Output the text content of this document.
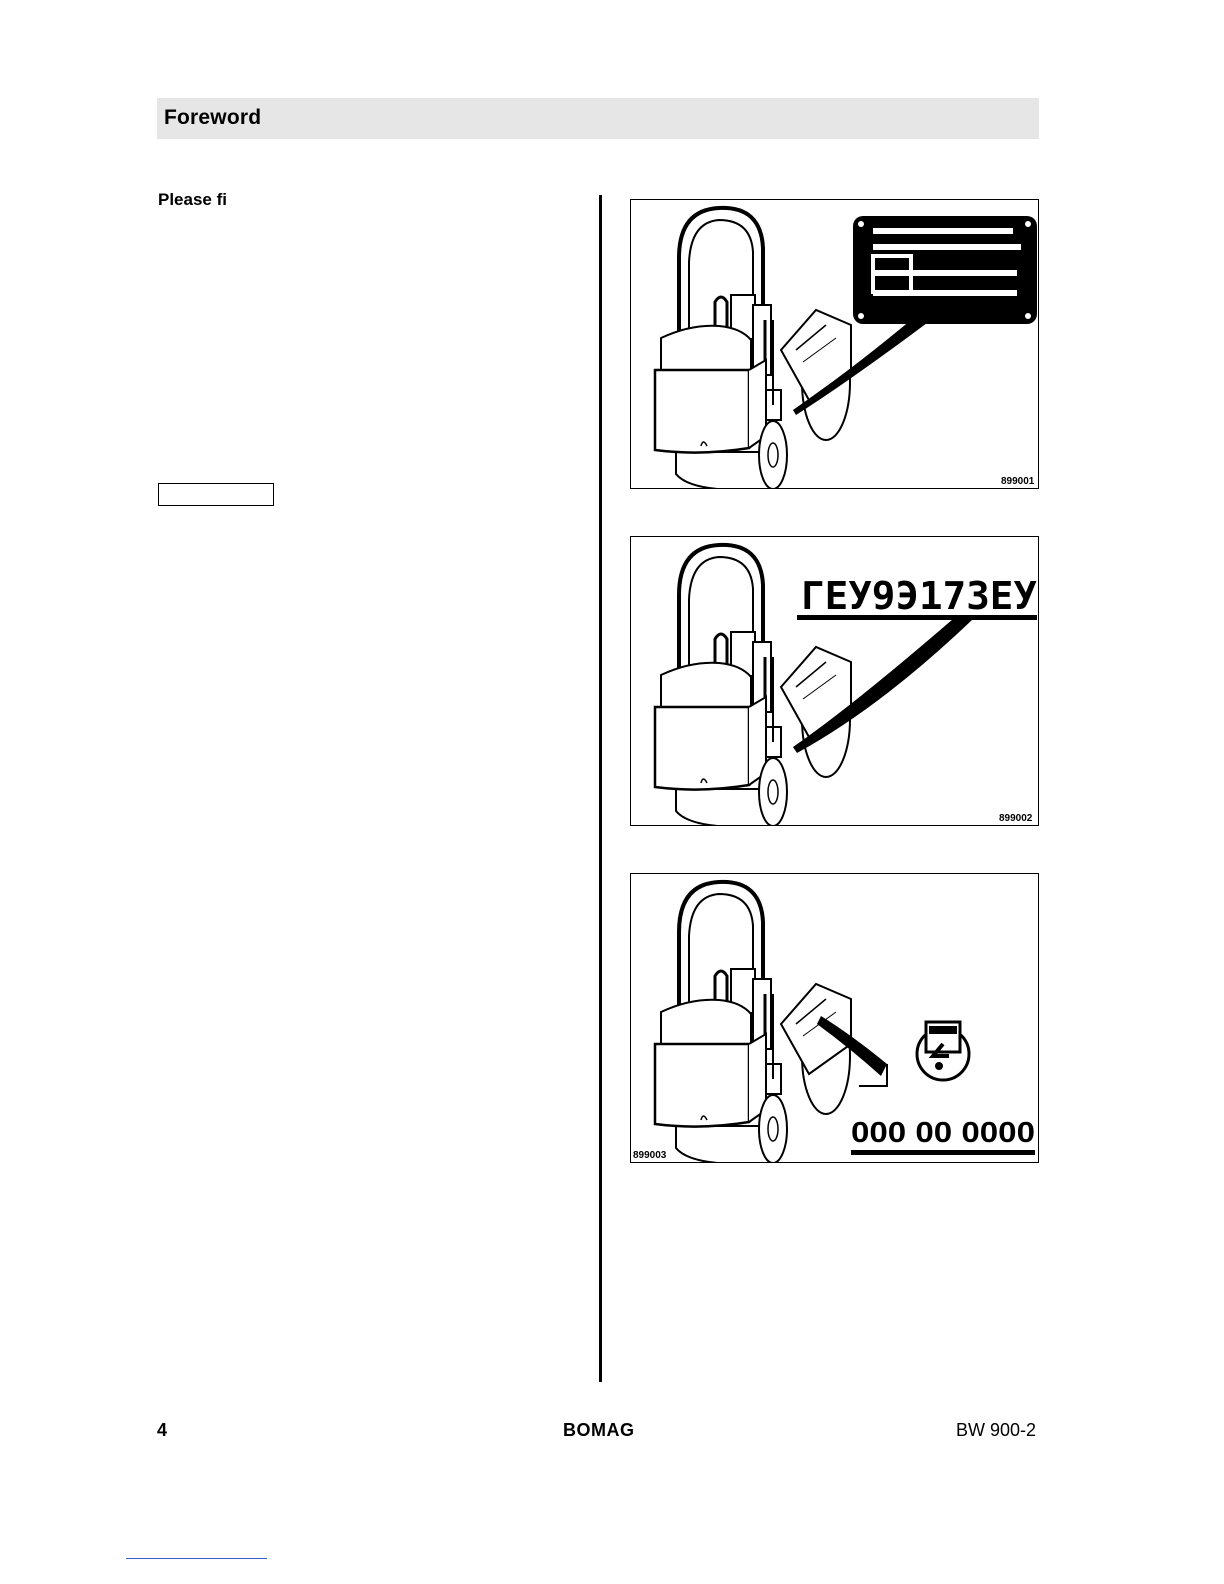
Foreword
Please fi
899001
ГЕУ9Э17ЗЕУ
899002
000 00 0000
899003
4	BOMAG	BW 900-2
